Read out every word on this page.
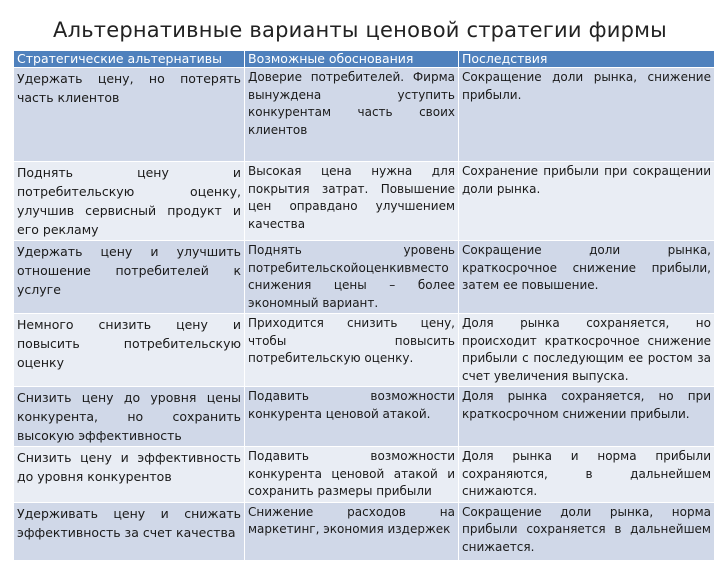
Альтернативные варианты ценовой стратегии фирмы
Стратегические альтернативы	Возможные обоснования	Последствия
Удержать цену, но потерять часть клиентов	Доверие потребителей. Фирма вынуждена уступить конкурентам часть своих клиентов	Сокращение доли рынка, снижение прибыли.
Поднять цену и потребительскую оценку, улучшив сервисный продукт и его рекламу	Высокая цена нужна для покрытия затрат. Повышение цен оправдано улучшением качества	Сохранение прибыли при сокращении доли рынка.
Удержать цену и улучшить отношение потребителей к услуге	Поднять уровень потребительскойоценкивместо снижения цены – более экономный вариант.	Сокращение доли рынка, краткосрочное снижение прибыли, затем ее повышение.
Немного снизить цену и повысить потребительскую оценку	Приходится снизить цену, чтобы повысить потребительскую оценку.	Доля рынка сохраняется, но происходит краткосрочное снижение прибыли с последующим ее ростом за счет увеличения выпуска.
Снизить цену до уровня цены конкурента, но сохранить высокую эффективность	Подавить возможности конкурента ценовой атакой.	Доля рынка сохраняется, но при краткосрочном снижении прибыли.
Снизить цену и эффективность до уровня конкурентов	Подавить возможности конкурента ценовой атакой и сохранить размеры прибыли	Доля рынка и норма прибыли сохраняются, в дальнейшем снижаются.
Удерживать цену и снижать эффективность за счет качества	Снижение расходов на маркетинг, экономия издержек	Сокращение доли рынка, норма прибыли сохраняется в дальнейшем снижается.
